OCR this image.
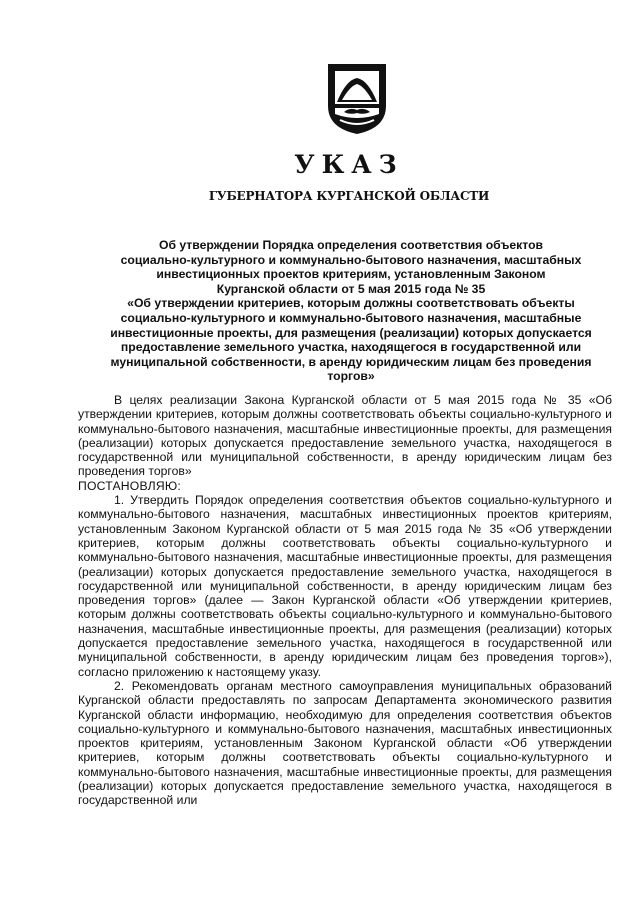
УКАЗ
ГУБЕРНАТОРА КУРГАНСКОЙ ОБЛАСТИ
Об утверждении Порядка определения соответствия объектов
социально-культурного и коммунально-бытового назначения, масштабных
инвестиционных проектов критериям, установленным Законом
Курганской области от 5 мая 2015 года № 35
«Об утверждении критериев, которым должны соответствовать объекты
социально-культурного и коммунально-бытового назначения, масштабные
инвестиционные проекты, для размещения (реализации) которых допускается
предоставление земельного участка, находящегося в государственной или
муниципальной собственности, в аренду юридическим лицам без проведения
торгов»

В целях реализации Закона Курганской области от 5 мая 2015 года № 35 «Об утверждении критериев, которым должны соответствовать объекты социально-культурного и коммунально-бытового назначения, масштабные инвестиционные проекты, для размещения (реализации) которых допускается предоставление земельного участка, находящегося в государственной или муниципальной собственности, в аренду юридическим лицам без проведения торгов»

ПОСТАНОВЛЯЮ:

1. Утвердить Порядок определения соответствия объектов социально-культурного и коммунально-бытового назначения, масштабных инвестиционных проектов критериям, установленным Законом Курганской области от 5 мая 2015 года № 35 «Об утверждении критериев, которым должны соответствовать объекты социально-культурного и коммунально-бытового назначения, масштабные инвестиционные проекты, для размещения (реализации) которых допускается предоставление земельного участка, находящегося в государственной или муниципальной собственности, в аренду юридическим лицам без проведения торгов» (далее — Закон Курганской области «Об утверждении критериев, которым должны соответствовать объекты социально-культурного и коммунально-бытового назначения, масштабные инвестиционные проекты, для размещения (реализации) которых допускается предоставление земельного участка, находящегося в государственной или муниципальной собственности, в аренду юридическим лицам без проведения торгов»), согласно приложению к настоящему указу.

2. Рекомендовать органам местного самоуправления муниципальных образований Курганской области предоставлять по запросам Департамента экономического развития Курганской области информацию, необходимую для определения соответствия объектов социально-культурного и коммунально-бытового назначения, масштабных инвестиционных проектов критериям, установленным Законом Курганской области «Об утверждении критериев, которым должны соответствовать объекты социально-культурного и коммунально-бытового назначения, масштабные инвестиционные проекты, для размещения (реализации) которых допускается предоставление земельного участка, находящегося в государственной или
